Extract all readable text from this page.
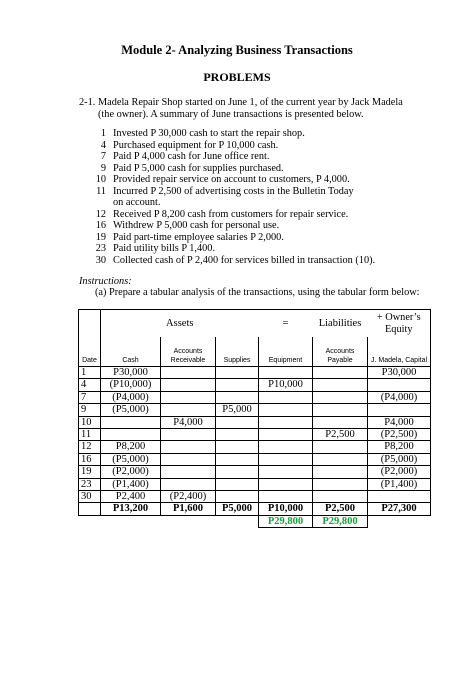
Module 2- Analyzing Business Transactions
PROBLEMS
2-1. Madela Repair Shop started on June 1, of the current year by Jack Madela
(the owner). A summary of June transactions is presented below.
1 Invested P 30,000 cash to start the repair shop.
4 Purchased equipment for P 10,000 cash.
7 Paid P 4,000 cash for June office rent.
9 Paid P 5,000 cash for supplies purchased.
10 Provided repair service on account to customers, P 4,000.
11 Incurred P 2,500 of advertising costs in the Bulletin Today on account.
12 Received P 8,200 cash from customers for repair service.
16 Withdrew P 5,000 cash for personal use.
19 Paid part-time employee salaries P 2,000.
23 Paid utility bills P 1,400.
30 Collected cash of P 2,400 for services billed in transaction (10).
Instructions:
(a) Prepare a tabular analysis of the transactions, using the tabular form below:
	Assets			=	Liabilities	+ Owner’s Equity
Date	Cash	Accounts Receivable	Supplies	Equipment	Accounts Payable	J. Madela, Capital
1	P30,000					P30,000
4	(P10,000)			P10,000		
7	(P4,000)					(P4,000)
9	(P5,000)		P5,000			
10		P4,000				P4,000
11					P2,500	(P2,500)
12	P8,200					P8,200
16	(P5,000)					(P5,000)
19	(P2,000)					(P2,000)
23	(P1,400)					(P1,400)
30	P2,400	(P2,400)				
	P13,200	P1,600	P5,000	P10,000	P2,500	P27,300
				P29,800	P29,800	
